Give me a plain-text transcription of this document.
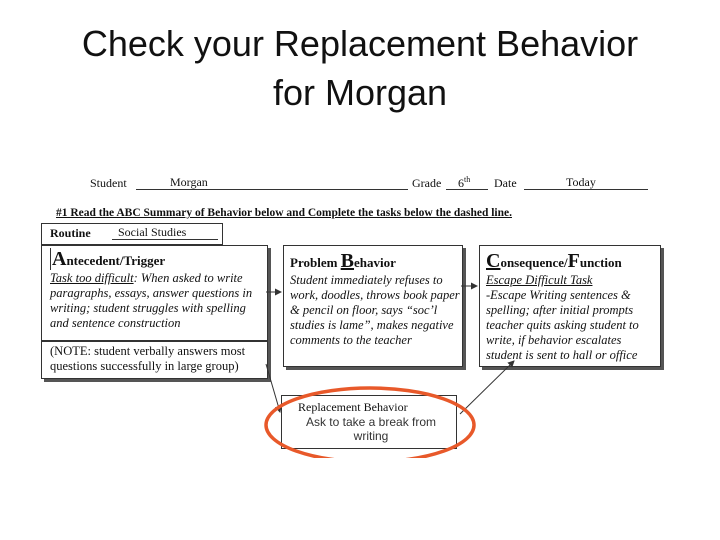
Check your Replacement Behavior
for Morgan
Student	Morgan	Grade 6th Date	Today
#1 Read the ABC Summary of Behavior below and Complete the tasks below the dashed line.
Routine	Social Studies
Antecedent/Trigger
Task too difficult: When asked to write paragraphs, essays, answer questions in writing; student struggles with spelling and sentence construction
(NOTE: student verbally answers most questions successfully in large group)
Problem Behavior
Student immediately refuses to work, doodles, throws book paper & pencil on floor, says “soc’l studies is lame”, makes negative comments to the teacher
Consequence/Function
Escape Difficult Task
-Escape Writing sentences & spelling; after initial prompts teacher quits asking student to write, if behavior escalates student is sent to hall or office
Replacement Behavior
Ask to take a break from writing
